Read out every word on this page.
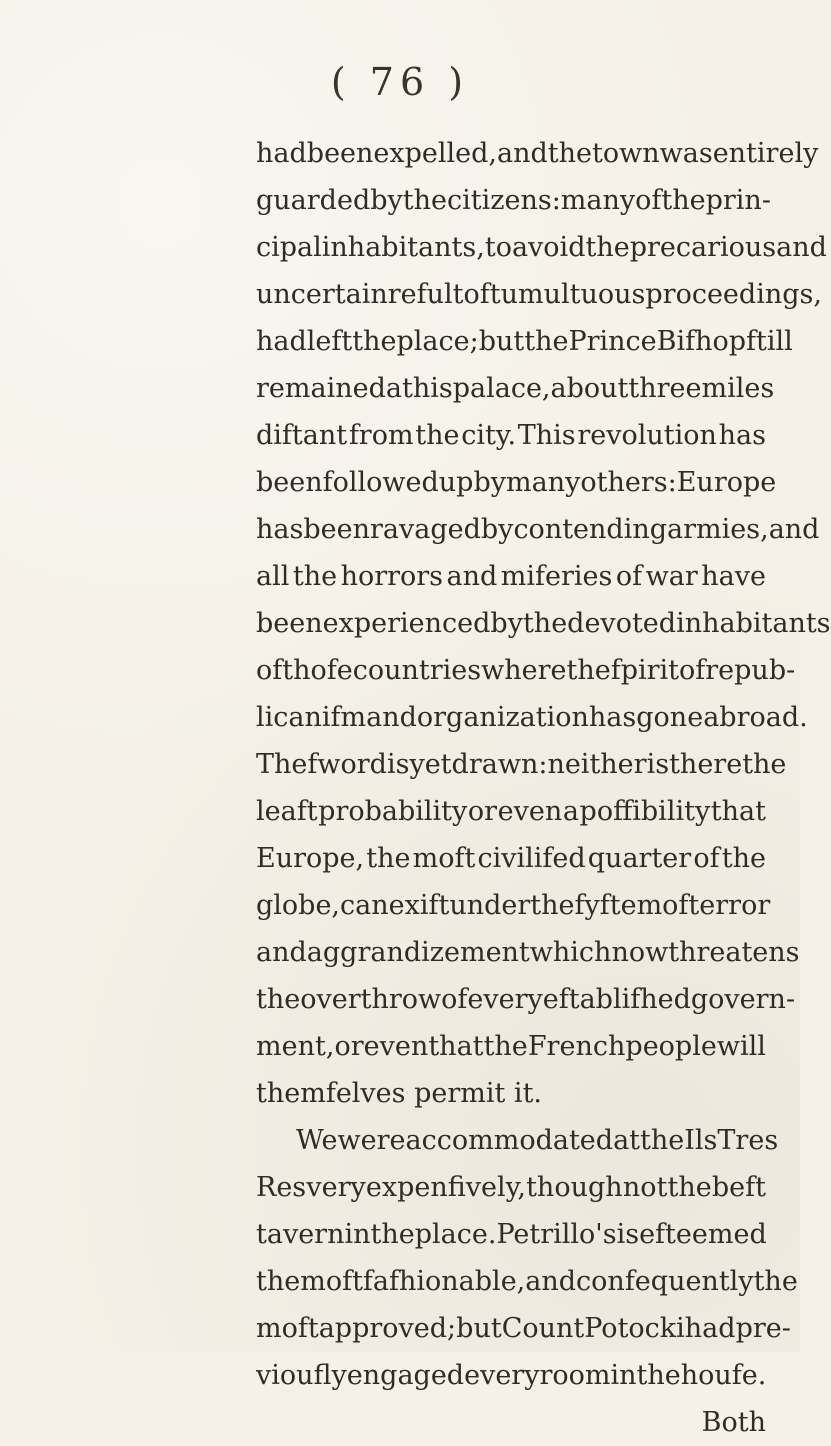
( 76 )
had been expelled, and the town was entirely
guarded by the citizens: many of the prin-
cipal inhabitants, to avoid the precarious and
uncertain refult of tumultuous proceedings,
had left the place; but the Prince Bifhop ftill
remained at his palace, about three miles
diftant from the city. This revolution has
been followed up by many others: Europe
has been ravaged by contending armies, and
all the horrors and miferies of war have
been experienced by the devoted inhabitants
of thofe countries where the fpirit of repub-
licanifm and organization has gone abroad.
The fword is yet drawn: neither is there the
leaft probability or even a poffibility that
Europe, the moft civilifed quarter of the
globe, can exift under the fyftem of terror
and aggrandizement which now threatens
the overthrow of every eftablifhed govern-
ment, or even that the French people will
themfelves permit it.
We were accommodated at the Ils Tres
Res very expenfively, though not the beft
tavern in the place. Petrillo's is efteemed
the moft fafhionable, and confequently the
moft approved; but Count Potocki had pre-
vioufly engaged every room in the houfe.
Both
